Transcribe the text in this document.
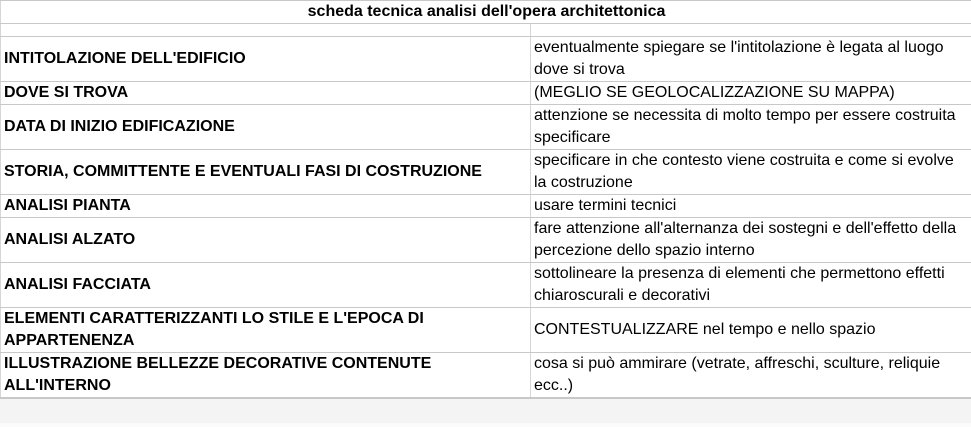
scheda tecnica analisi dell'opera architettonica	

INTITOLAZIONE DELL'EDIFICIO	eventualmente spiegare se l'intitolazione è legata al luogo dove si trova
DOVE SI TROVA	(MEGLIO SE GEOLOCALIZZAZIONE SU MAPPA)
DATA DI INIZIO EDIFICAZIONE	attenzione se necessita di molto tempo per essere costruita specificare
STORIA, COMMITTENTE E EVENTUALI FASI DI COSTRUZIONE	specificare in che contesto viene costruita e come si evolve la costruzione
ANALISI PIANTA	usare termini tecnici
ANALISI ALZATO	fare attenzione all'alternanza dei sostegni e dell'effetto della percezione dello spazio interno
ANALISI FACCIATA	sottolineare la presenza di elementi che permettono effetti chiaroscurali e decorativi
ELEMENTI CARATTERIZZANTI LO STILE E L'EPOCA DI APPARTENENZA	CONTESTUALIZZARE nel tempo e nello spazio
ILLUSTRAZIONE BELLEZZE DECORATIVE CONTENUTE ALL'INTERNO	cosa si può ammirare (vetrate, affreschi, sculture, reliquie ecc..)
